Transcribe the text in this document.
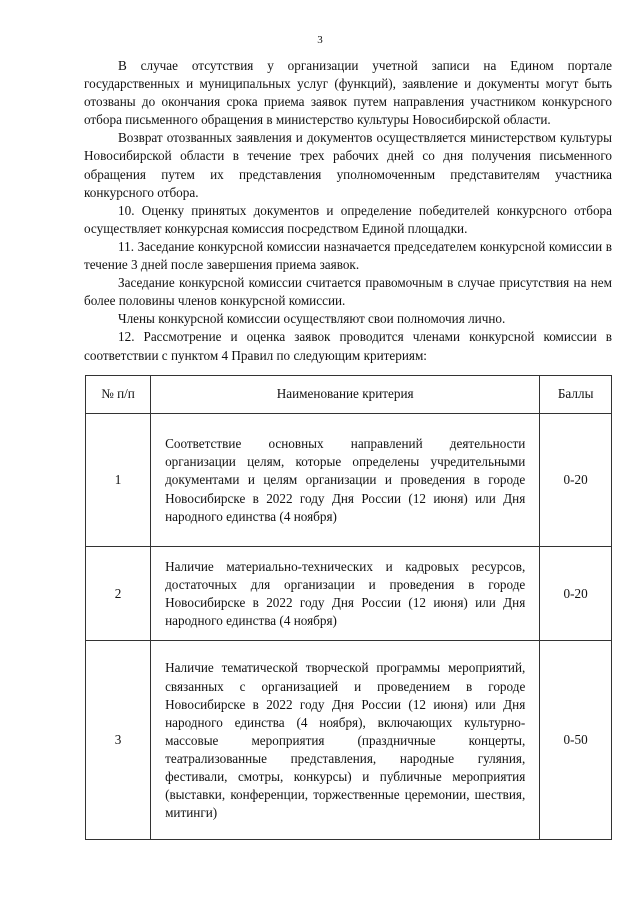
3

В случае отсутствия у организации учетной записи на Едином портале государственных и муниципальных услуг (функций), заявление и документы могут быть отозваны до окончания срока приема заявок путем направления участником конкурсного отбора письменного обращения в министерство культуры Новосибирской области.

Возврат отозванных заявления и документов осуществляется министерством культуры Новосибирской области в течение трех рабочих дней со дня получения письменного обращения путем их представления уполномоченным представителям участника конкурсного отбора.

10. Оценку принятых документов и определение победителей конкурсного отбора осуществляет конкурсная комиссия посредством Единой площадки.

11. Заседание конкурсной комиссии назначается председателем конкурсной комиссии в течение 3 дней после завершения приема заявок.

Заседание конкурсной комиссии считается правомочным в случае присутствия на нем более половины членов конкурсной комиссии.

Члены конкурсной комиссии осуществляют свои полномочия лично.

12. Рассмотрение и оценка заявок проводится членами конкурсной комиссии в соответствии с пунктом 4 Правил по следующим критериям:

№ п/п	Наименование критерия	Баллы
1	Соответствие основных направлений деятельности организации целям, которые определены учредительными документами и целям организации и проведения в городе Новосибирске в 2022 году Дня России (12 июня) или Дня народного единства (4 ноября)	0-20
2	Наличие материально-технических и кадровых ресурсов, достаточных для организации и проведения в городе Новосибирске в 2022 году Дня России (12 июня) или Дня народного единства (4 ноября)	0-20
3	Наличие тематической творческой программы мероприятий, связанных с организацией и проведением в городе Новосибирске в 2022 году Дня России (12 июня) или Дня народного единства (4 ноября), включающих культурно-массовые мероприятия (праздничные концерты, театрализованные представления, народные гуляния, фестивали, смотры, конкурсы) и публичные мероприятия (выставки, конференции, торжественные церемонии, шествия, митинги)	0-50
